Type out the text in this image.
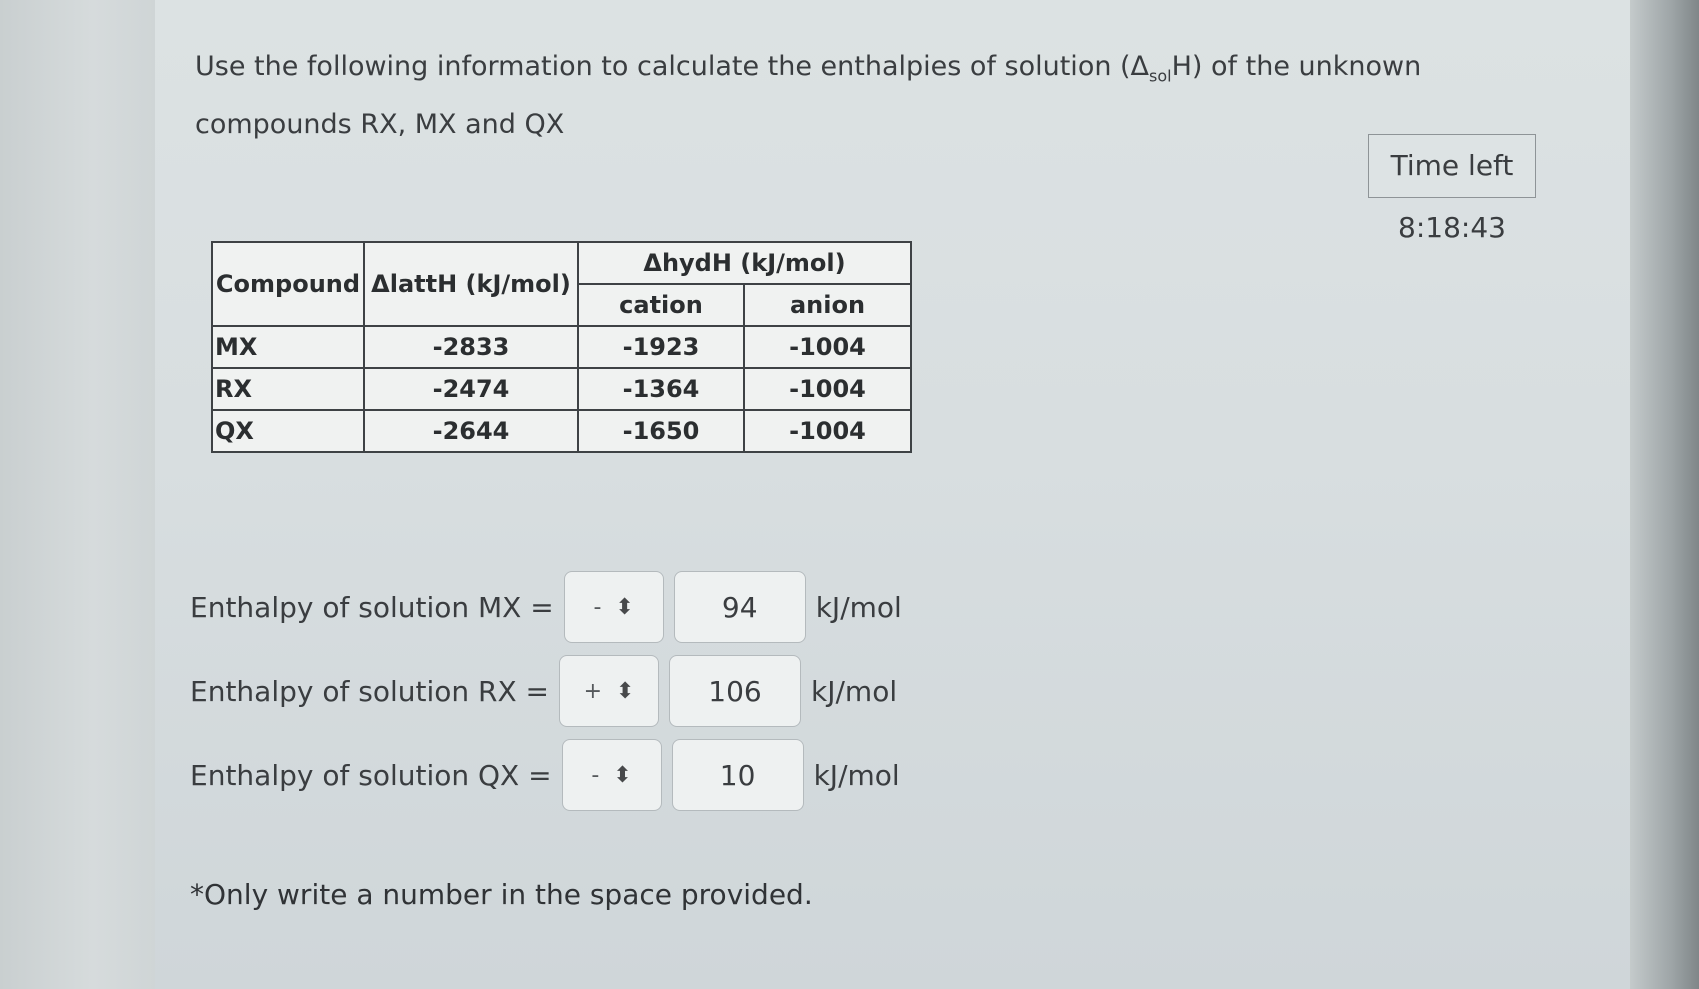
Use the following information to calculate the enthalpies of solution $(\Delta_{sol}H)$ of the unknown compounds RX, MX and QX
Time left 8:18:43
Compound	ΔlattH (kJ/mol)	ΔhydH (kJ/mol)	
		cation	anion
MX	-2833	-1923	-1004
RX	-2474	-1364	-1004
QX	-2644	-1650	-1004
Enthalpy of solution MX = - ⬍	94 kJ/mol
Enthalpy of solution RX = + ⬍	106 kJ/mol
Enthalpy of solution QX = - ⬍	10 kJ/mol
*Only write a number in the space provided.
